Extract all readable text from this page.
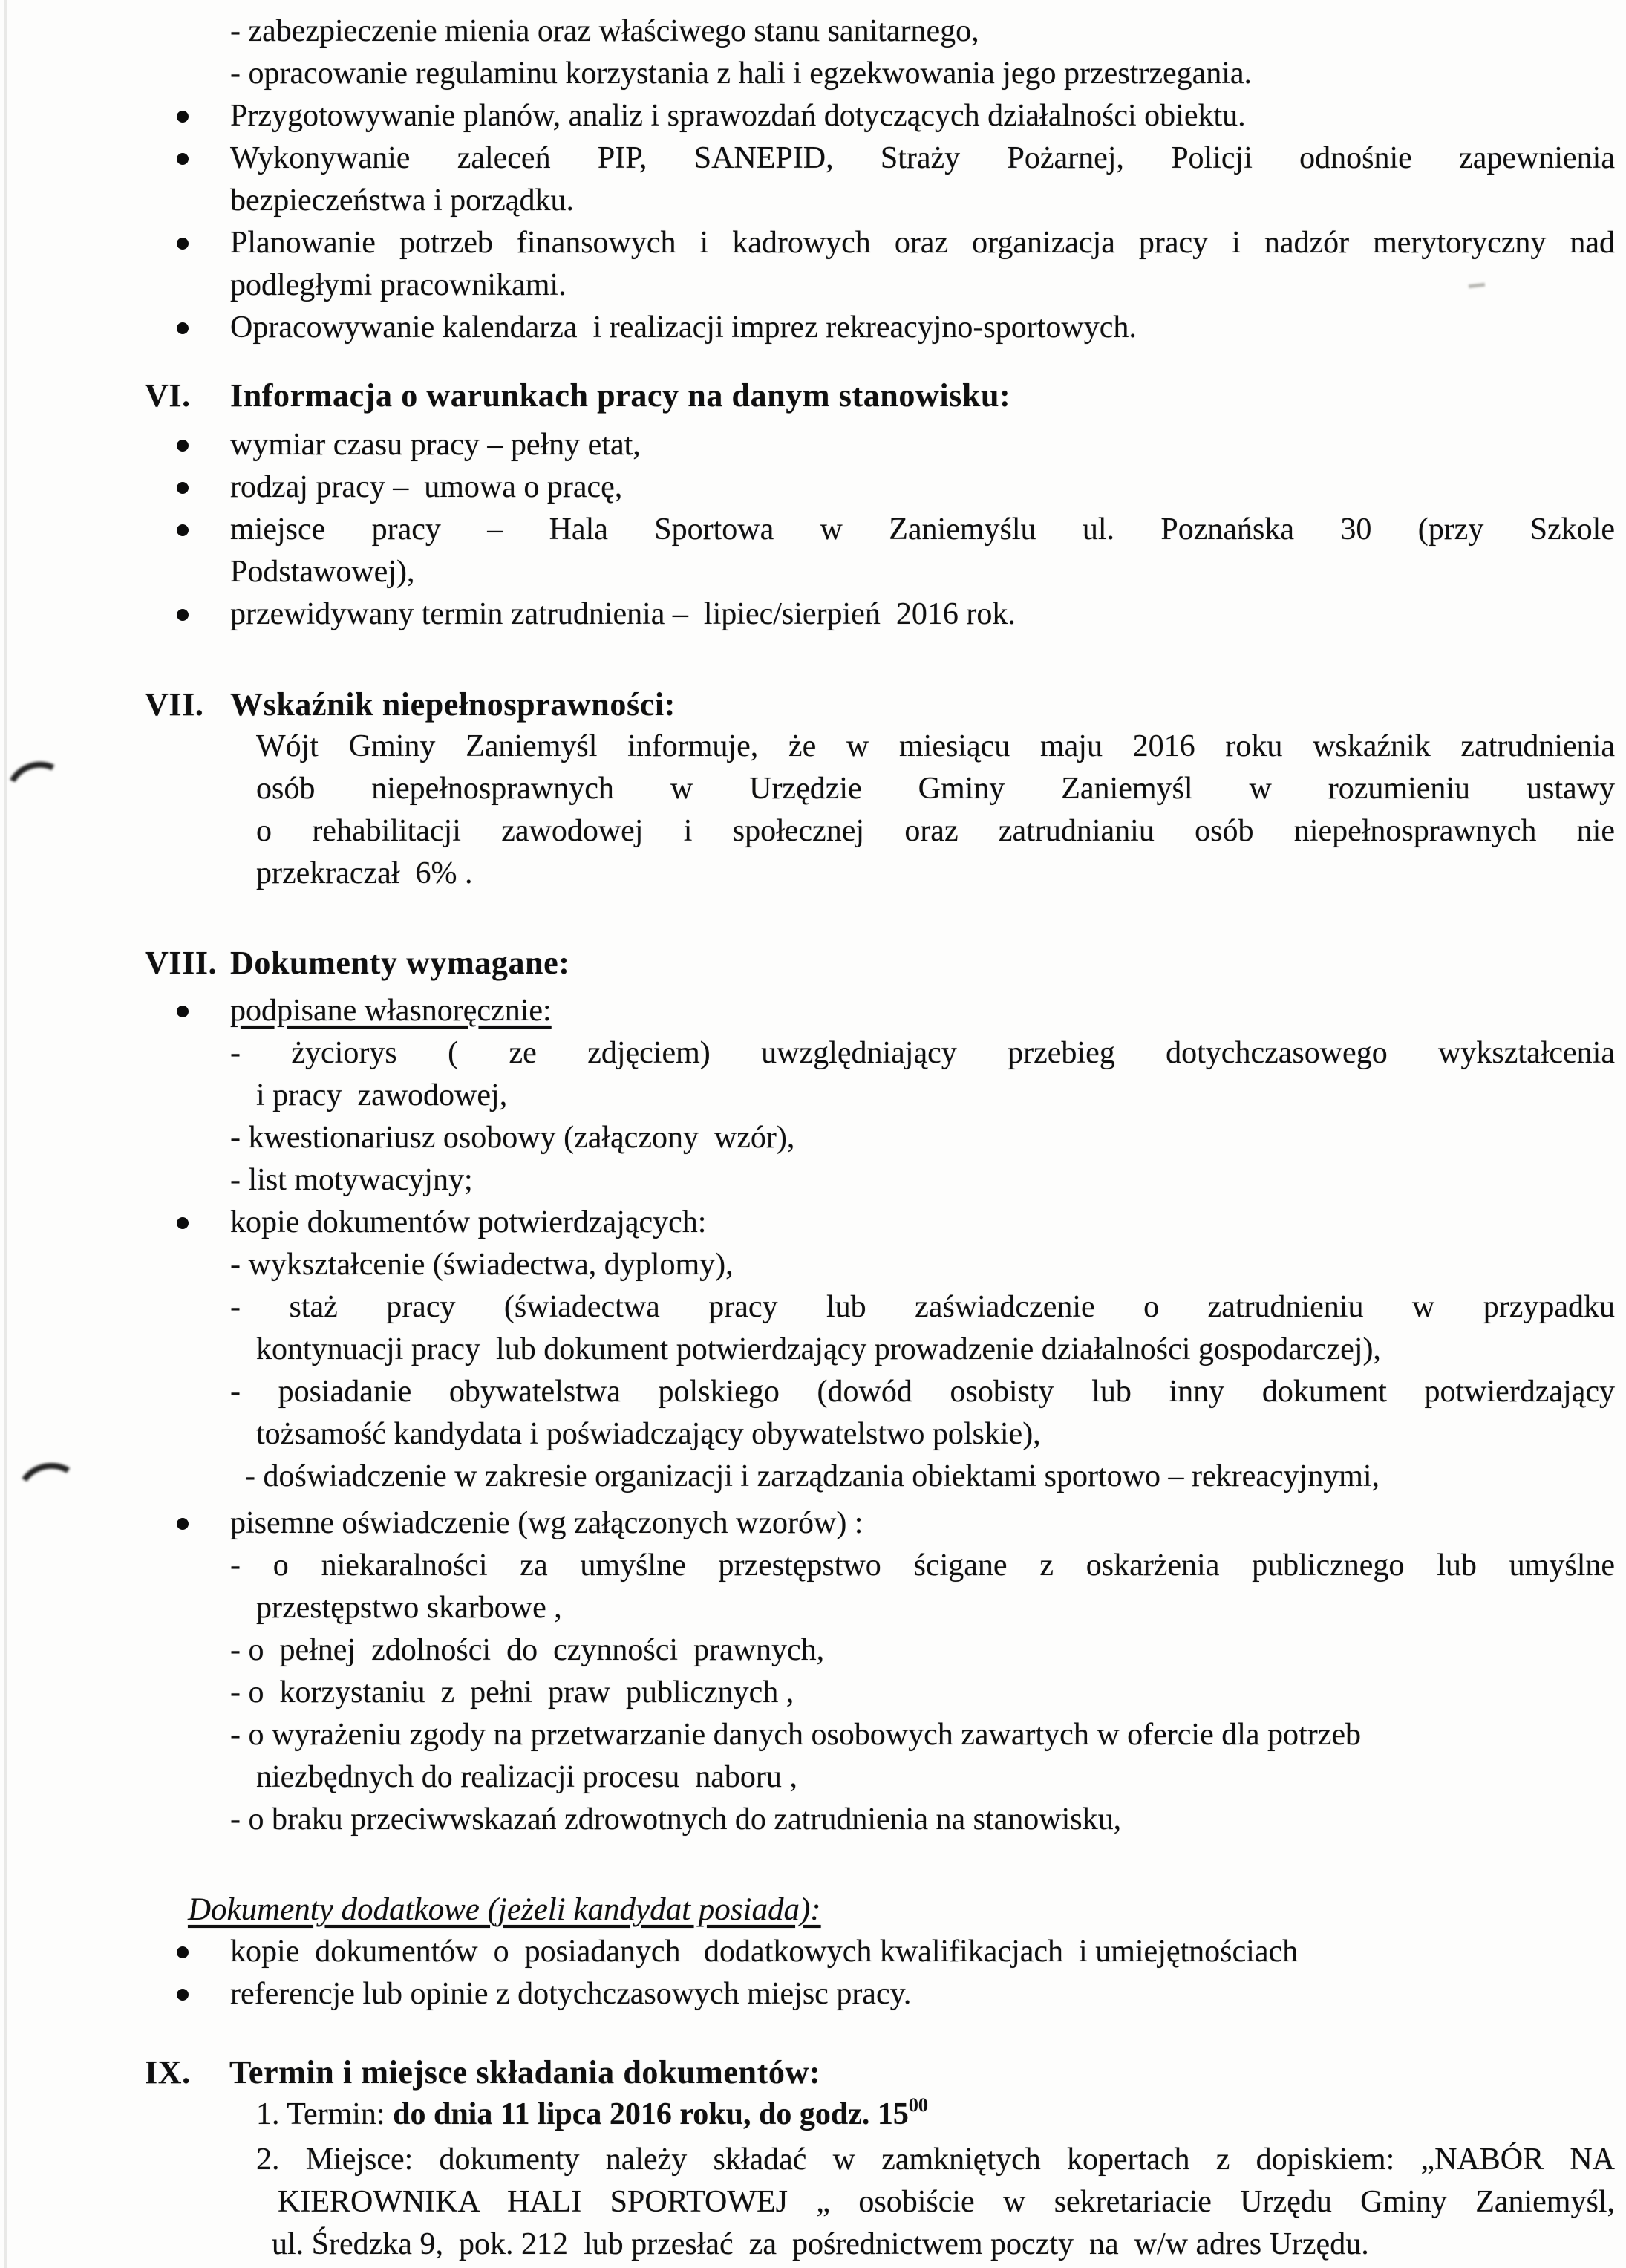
- zabezpieczenie mienia oraz właściwego stanu sanitarnego,
- opracowanie regulaminu korzystania z hali i egzekwowania jego przestrzegania.
Przygotowywanie planów, analiz i sprawozdań dotyczących działalności obiektu.
Wykonywanie zaleceń PIP, SANEPID, Straży Pożarnej, Policji odnośnie zapewnienia
bezpieczeństwa i porządku.
Planowanie potrzeb finansowych i kadrowych oraz organizacja pracy i nadzór merytoryczny nad
podległymi pracownikami.
Opracowywanie kalendarza  i realizacji imprez rekreacyjno-sportowych.
VI. Informacja o warunkach pracy na danym stanowisku:
wymiar czasu pracy – pełny etat,
rodzaj pracy –  umowa o pracę,
miejsce pracy – Hala Sportowa w Zaniemyślu ul. Poznańska 30 (przy Szkole
Podstawowej),
przewidywany termin zatrudnienia –  lipiec/sierpień  2016 rok.
VII. Wskaźnik niepełnosprawności:
Wójt Gminy Zaniemyśl informuje, że w miesiącu maju 2016 roku wskaźnik zatrudnienia
osób niepełnosprawnych w Urzędzie Gminy Zaniemyśl w rozumieniu ustawy
o rehabilitacji zawodowej i społecznej oraz zatrudnianiu osób niepełnosprawnych nie
przekraczał  6% .
VIII. Dokumenty wymagane:
podpisane własnoręcznie:
- życiorys ( ze zdjęciem) uwzględniający przebieg dotychczasowego wykształcenia
i pracy  zawodowej,
- kwestionariusz osobowy (załączony  wzór),
- list motywacyjny;
kopie dokumentów potwierdzających:
- wykształcenie (świadectwa, dyplomy),
- staż pracy (świadectwa pracy lub zaświadczenie o zatrudnieniu w przypadku
kontynuacji pracy  lub dokument potwierdzający prowadzenie działalności gospodarczej),
- posiadanie obywatelstwa polskiego (dowód osobisty lub inny dokument potwierdzający
tożsamość kandydata i poświadczający obywatelstwo polskie),
- doświadczenie w zakresie organizacji i zarządzania obiektami sportowo – rekreacyjnymi,
pisemne oświadczenie (wg załączonych wzorów) :
- o niekaralności za umyślne przestępstwo ścigane z oskarżenia publicznego lub umyślne
przestępstwo skarbowe ,
- o  pełnej  zdolności  do  czynności  prawnych,
- o  korzystaniu  z  pełni  praw  publicznych ,
- o wyrażeniu zgody na przetwarzanie danych osobowych zawartych w ofercie dla potrzeb
niezbędnych do realizacji procesu  naboru ,
- o braku przeciwwskazań zdrowotnych do zatrudnienia na stanowisku,
Dokumenty dodatkowe (jeżeli kandydat posiada):
kopie  dokumentów  o  posiadanych   dodatkowych kwalifikacjach  i umiejętnościach
referencje lub opinie z dotychczasowych miejsc pracy.
IX. Termin i miejsce składania dokumentów:
1. Termin: do dnia 11 lipca 2016 roku, do godz. $15^{00}$
2. Miejsce: dokumenty należy składać w zamkniętych kopertach z dopiskiem: „NABÓR NA
KIEROWNIKA HALI SPORTOWEJ „ osobiście w sekretariacie Urzędu Gminy Zaniemyśl,
ul. Średzka 9,  pok. 212  lub przesłać  za  pośrednictwem poczty  na  w/w adres Urzędu.
